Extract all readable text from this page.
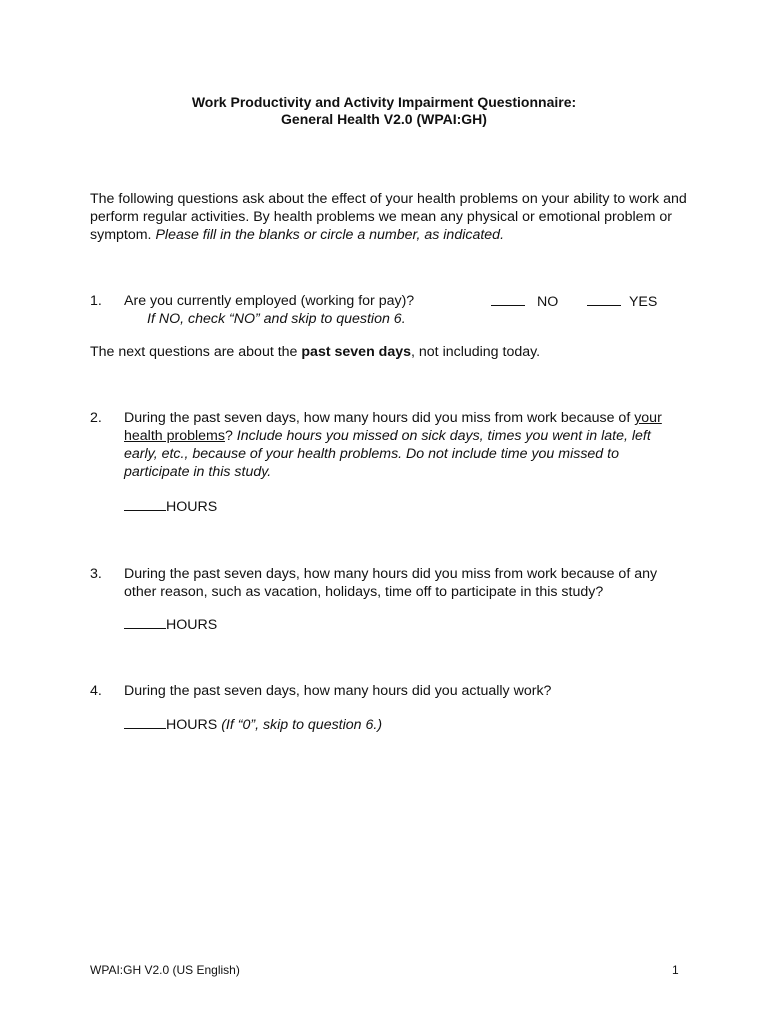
Work Productivity and Activity Impairment Questionnaire:
General Health V2.0 (WPAI:GH)
The following questions ask about the effect of your health problems on your ability to work and perform regular activities. By health problems we mean any physical or emotional problem or symptom. Please fill in the blanks or circle a number, as indicated.
1. Are you currently employed (working for pay)?	NO	YES
If NO, check “NO” and skip to question 6.
The next questions are about the past seven days, not including today.
2. During the past seven days, how many hours did you miss from work because of your health problems? Include hours you missed on sick days, times you went in late, left early, etc., because of your health problems. Do not include time you missed to participate in this study.
HOURS
3. During the past seven days, how many hours did you miss from work because of any other reason, such as vacation, holidays, time off to participate in this study?
HOURS
4. During the past seven days, how many hours did you actually work?
HOURS (If “0”, skip to question 6.)
WPAI:GH V2.0 (US English)	1
